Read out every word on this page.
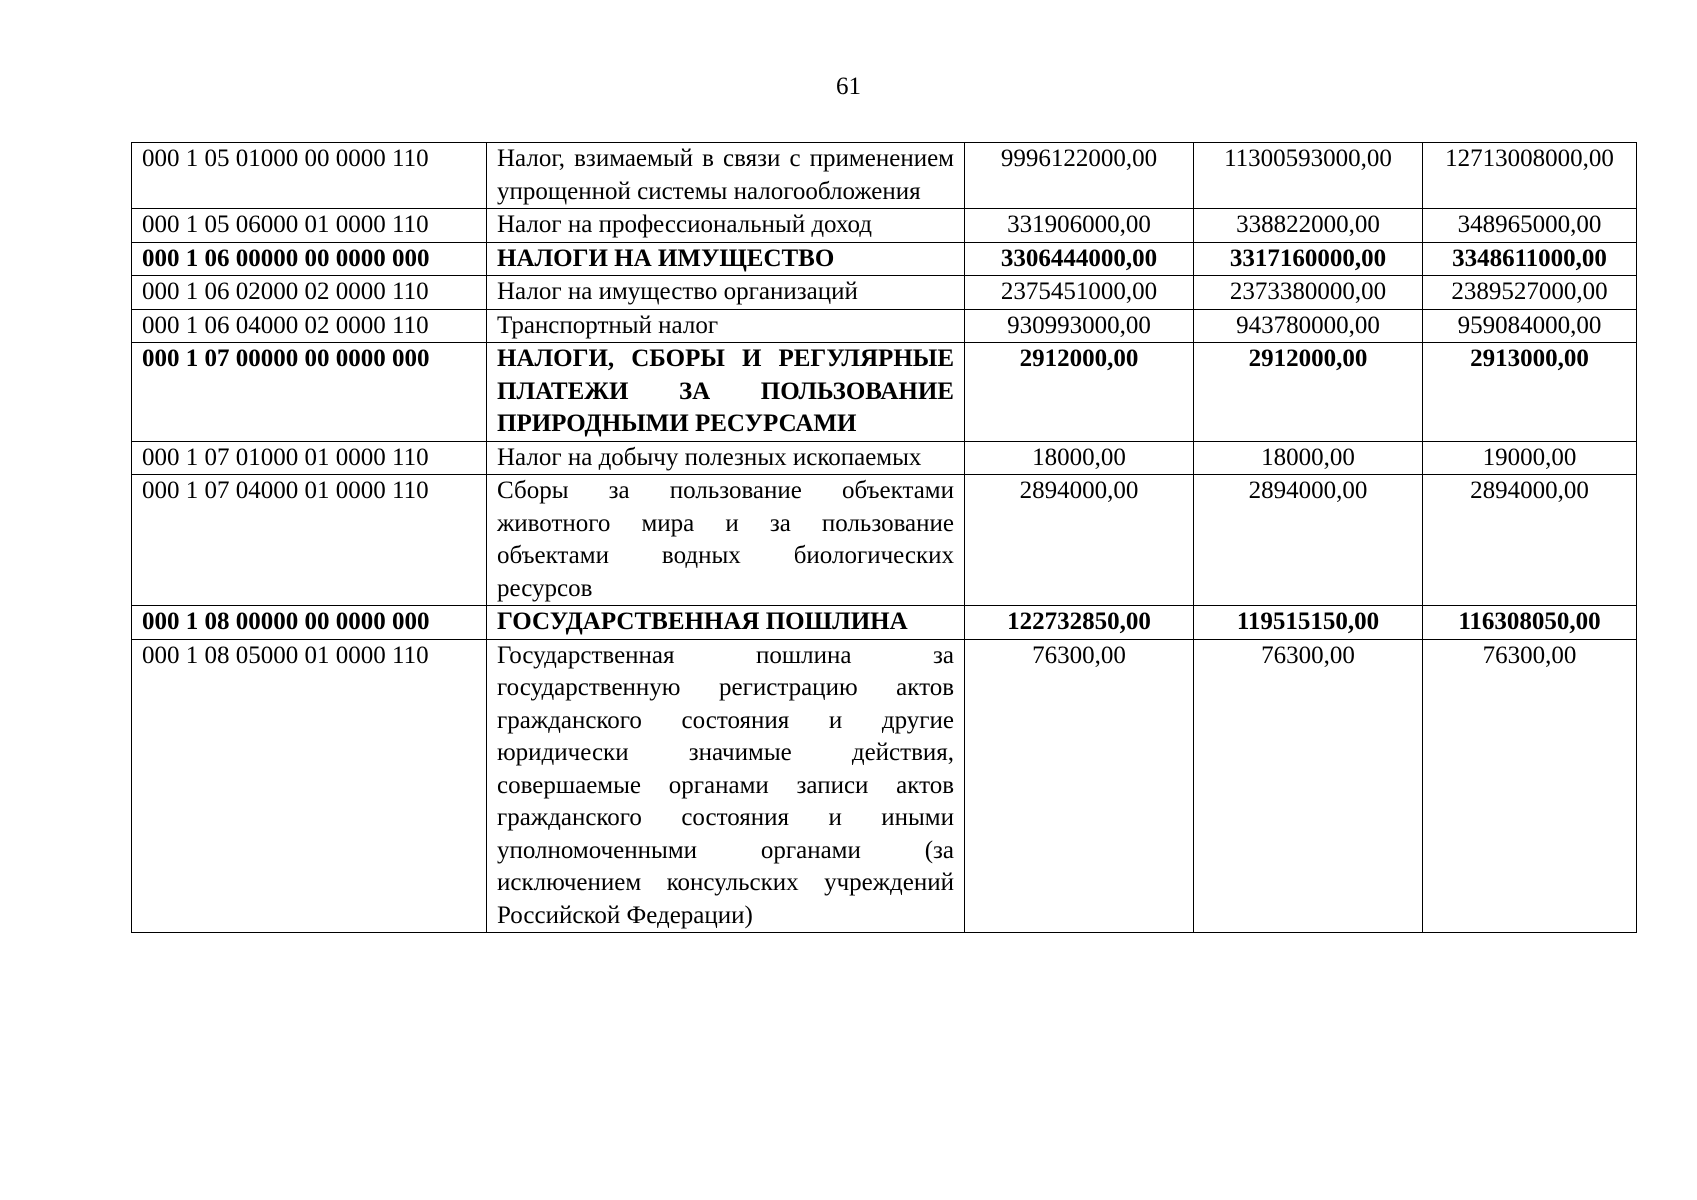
61
000 1 05 01000 00 0000 110	Налог, взимаемый в связи с применением упрощенной системы налогообложения	9996122000,00	11300593000,00	12713008000,00
000 1 05 06000 01 0000 110	Налог на профессиональный доход	331906000,00	338822000,00	348965000,00
000 1 06 00000 00 0000 000	НАЛОГИ НА ИМУЩЕСТВО	3306444000,00	3317160000,00	3348611000,00
000 1 06 02000 02 0000 110	Налог на имущество организаций	2375451000,00	2373380000,00	2389527000,00
000 1 06 04000 02 0000 110	Транспортный налог	930993000,00	943780000,00	959084000,00
000 1 07 00000 00 0000 000	НАЛОГИ, СБОРЫ И РЕГУЛЯРНЫЕ ПЛАТЕЖИ ЗА ПОЛЬЗОВАНИЕ ПРИРОДНЫМИ РЕСУРСАМИ	2912000,00	2912000,00	2913000,00
000 1 07 01000 01 0000 110	Налог на добычу полезных ископаемых	18000,00	18000,00	19000,00
000 1 07 04000 01 0000 110	Сборы за пользование объектами животного мира и за пользование объектами водных биологических ресурсов	2894000,00	2894000,00	2894000,00
000 1 08 00000 00 0000 000	ГОСУДАРСТВЕННАЯ ПОШЛИНА	122732850,00	119515150,00	116308050,00
000 1 08 05000 01 0000 110	Государственная пошлина за государственную регистрацию актов гражданского состояния и другие юридически значимые действия, совершаемые органами записи актов гражданского состояния и иными уполномоченными органами (за исключением консульских учреждений Российской Федерации)	76300,00	76300,00	76300,00
